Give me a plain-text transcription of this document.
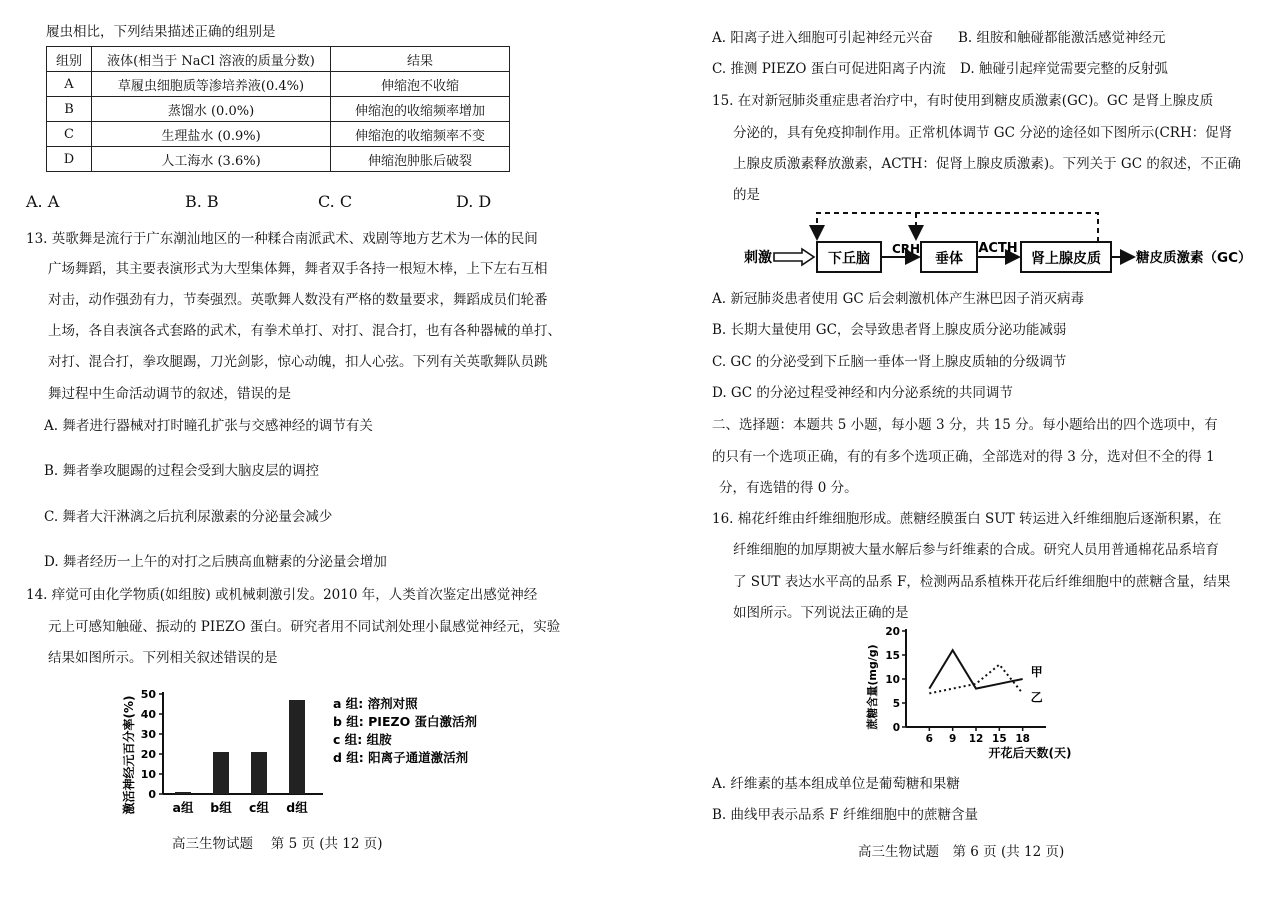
履虫相比，下列结果描述正确的组别是
组别	液体(相当于 NaCl 溶液的质量分数)	结果
A	草履虫细胞质等渗培养液(0.4%)	伸缩泡不收缩
B	蒸馏水 (0.0%)	伸缩泡的收缩频率增加
C	生理盐水 (0.9%)	伸缩泡的收缩频率不变
D	人工海水 (3.6%)	伸缩泡肿胀后破裂
A. A	B. B	C. C	D. D
13. 英歌舞是流行于广东潮汕地区的一种糅合南派武术、戏剧等地方艺术为一体的民间
广场舞蹈，其主要表演形式为大型集体舞，舞者双手各持一根短木棒，上下左右互相
对击，动作强劲有力，节奏强烈。英歌舞人数没有严格的数量要求，舞蹈成员们轮番
上场，各自表演各式套路的武术，有拳术单打、对打、混合打，也有各种器械的单打、
对打、混合打，拳攻腿踢，刀光剑影，惊心动魄，扣人心弦。下列有关英歌舞队员跳
舞过程中生命活动调节的叙述，错误的是
A. 舞者进行器械对打时瞳孔扩张与交感神经的调节有关
B. 舞者拳攻腿踢的过程会受到大脑皮层的调控
C. 舞者大汗淋漓之后抗利尿激素的分泌量会减少
D. 舞者经历一上午的对打之后胰高血糖素的分泌量会增加
14. 痒觉可由化学物质(如组胺) 或机械刺激引发。2010 年，人类首次鉴定出感觉神经
元上可感知触碰、振动的 PIEZO 蛋白。研究者用不同试剂处理小鼠感觉神经元，实验
结果如图所示。下列相关叙述错误的是
激活神经元百分率(%) 0
10
20
30
40
50
a组 b组 c组 d组
a 组: 溶剂对照
b 组: PIEZO 蛋白激活剂
c 组: 组胺
d 组: 阳离子通道激活剂
高三生物试题　 第 5 页 (共 12 页)
A. 阳离子进入细胞可引起神经元兴奋 B. 组胺和触碰都能激活感觉神经元
C. 推测 PIEZO 蛋白可促进阳离子内流 D. 触碰引起痒觉需要完整的反射弧
15. 在对新冠肺炎重症患者治疗中，有时使用到糖皮质激素(GC)。GC 是肾上腺皮质
分泌的，具有免疫抑制作用。正常机体调节 GC 分泌的途径如下图所示(CRH：促肾
上腺皮质激素释放激素，ACTH：促肾上腺皮质激素)。下列关于 GC 的叙述，不正确
的是
刺激	下丘脑
CRH
垂体
ACTH
肾上腺皮质	糖皮质激素（GC）
A. 新冠肺炎患者使用 GC 后会刺激机体产生淋巴因子消灭病毒
B. 长期大量使用 GC，会导致患者肾上腺皮质分泌功能减弱
C. GC 的分泌受到下丘脑一垂体一肾上腺皮质轴的分级调节
D. GC 的分泌过程受神经和内分泌系统的共同调节
二、选择题：本题共 5 小题，每小题 3 分，共 15 分。每小题给出的四个选项中，有
的只有一个选项正确，有的有多个选项正确，全部选对的得 3 分，选对但不全的得 1
分，有选错的得 0 分。
16. 棉花纤维由纤维细胞形成。蔗糖经膜蛋白 SUT 转运进入纤维细胞后逐渐积累，在
纤维细胞的加厚期被大量水解后参与纤维素的合成。研究人员用普通棉花品系培育
了 SUT 表达水平高的品系 F，检测两品系植株开花后纤维细胞中的蔗糖含量，结果
如图所示。下列说法正确的是
蔗糖含量(mg/g) 0
5
10
15
20
6 9 12 15 18
甲
乙
开花后天数(天)
A. 纤维素的基本组成单位是葡萄糖和果糖
B. 曲线甲表示品系 F 纤维细胞中的蔗糖含量
高三生物试题　第 6 页 (共 12 页)
